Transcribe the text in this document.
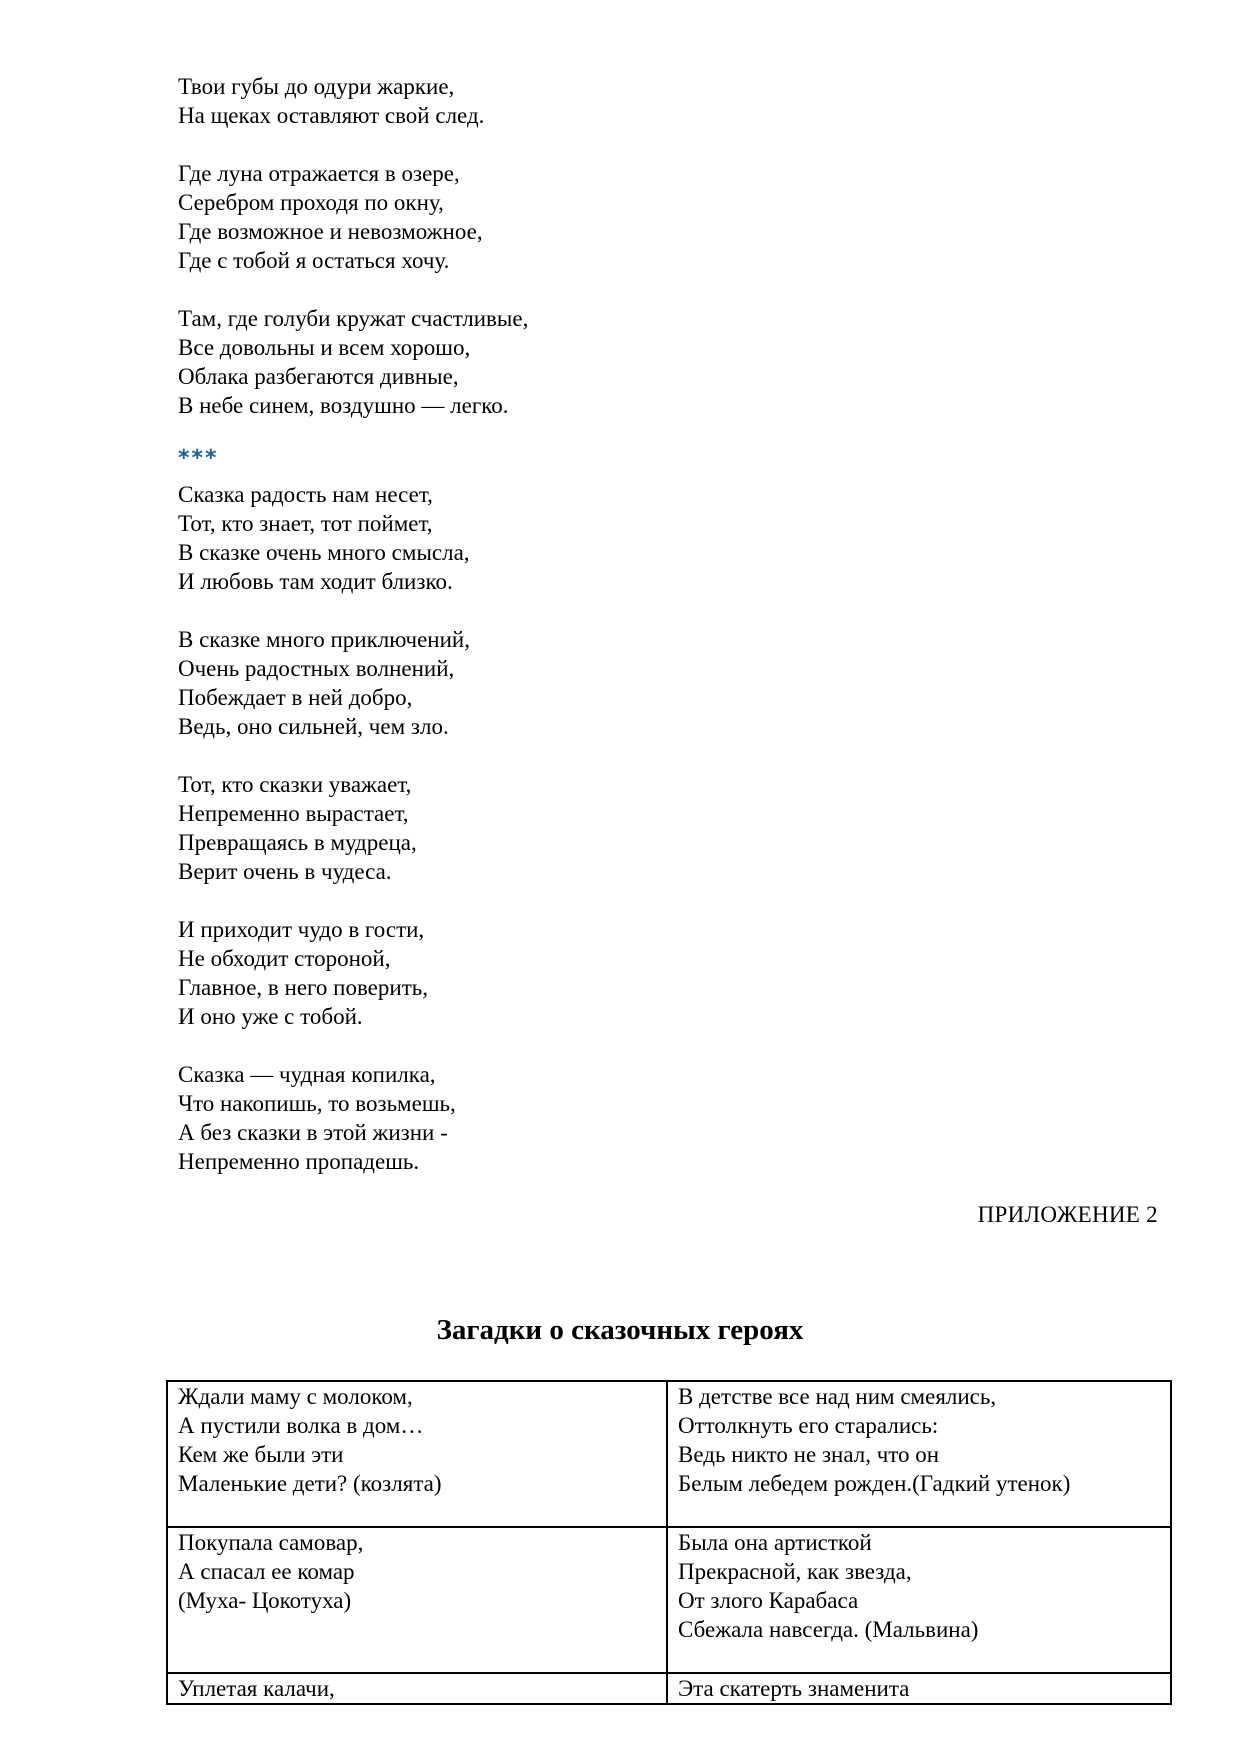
Твои губы до одури жаркие,
На щеках оставляют свой след.
Где луна отражается в озере,
Серебром проходя по окну,
Где возможное и невозможное,
Где с тобой я остаться хочу.
Там, где голуби кружат счастливые,
Все довольны и всем хорошо,
Облака разбегаются дивные,
В небе синем, воздушно — легко.
***
Сказка радость нам несет,
Тот, кто знает, тот поймет,
В сказке очень много смысла,
И любовь там ходит близко.
В сказке много приключений,
Очень радостных волнений,
Побеждает в ней добро,
Ведь, оно сильней, чем зло.
Тот, кто сказки уважает,
Непременно вырастает,
Превращаясь в мудреца,
Верит очень в чудеса.
И приходит чудо в гости,
Не обходит стороной,
Главное, в него поверить,
И оно уже с тобой.
Сказка — чудная копилка,
Что накопишь, то возьмешь,
А без сказки в этой жизни -
Непременно пропадешь.
ПРИЛОЖЕНИЕ 2
Загадки о сказочных героях
Ждали маму с молоком,
А пустили волка в дом…
Кем же были эти
Маленькие дети? (козлята)	В детстве все над ним смеялись,
Оттолкнуть его старались:
Ведь никто не знал, что он
Белым лебедем рожден.(Гадкий утенок)

Покупала самовар,
А спасал ее комар
(Муха- Цокотуха)	Была она артисткой
Прекрасной, как звезда,
От злого Карабаса
Сбежала навсегда. (Мальвина)

Уплетая калачи,	Эта скатерть знаменита
